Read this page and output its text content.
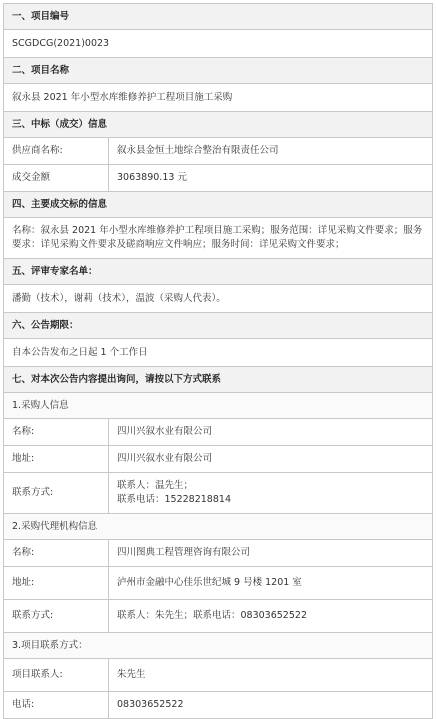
一、项目编号	
SCGDCG(2021)0023	
二、项目名称	
叙永县 2021 年小型水库维修养护工程项目施工采购	
三、中标（成交）信息	
供应商名称:	叙永县金恒土地综合整治有限责任公司
成交金额	3063890.13 元
四、主要成交标的信息	
名称：叙永县 2021 年小型水库维修养护工程项目施工采购；服务范围：详见采购文件要求；服务要求：详见采购文件要求及磋商响应文件响应；服务时间：详见采购文件要求；	
五、评审专家名单：	
潘勤（技术），谢莉（技术），温波（采购人代表）。	
六、公告期限：	
自本公告发布之日起 1 个工作日	
七、对本次公告内容提出询问，请按以下方式联系	
1.采购人信息	
名称:	四川兴叙水业有限公司
地址:	四川兴叙水业有限公司
联系方式:	联系人：温先生；
联系电话：15228218814

2.采购代理机构信息	
名称:	四川图典工程管理咨询有限公司
地址:	泸州市金融中心佳乐世纪城 9 号楼 1201 室
联系方式:	联系人：朱先生；联系电话：08303652522
3.项目联系方式：	
项目联系人:	朱先生
电话:	08303652522
